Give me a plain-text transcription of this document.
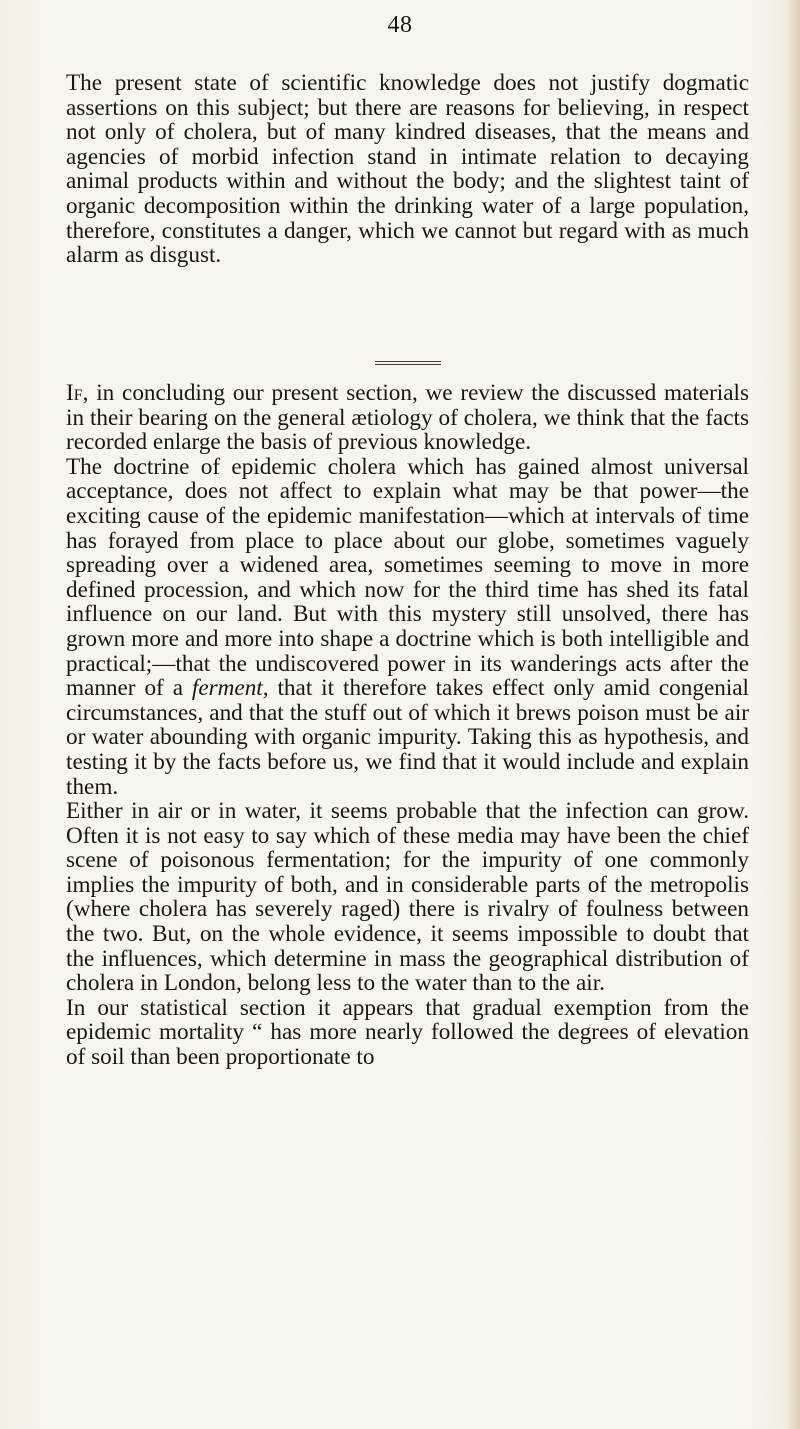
48

The present state of scientific knowledge does not justify dogmatic assertions on this subject; but there are reasons for believing, in respect not only of cholera, but of many kindred diseases, that the means and agencies of morbid infection stand in intimate relation to decaying animal products within and without the body; and the slightest taint of organic decomposition within the drinking water of a large population, therefore, constitutes a danger, which we cannot but regard with as much alarm as disgust.

If, in concluding our present section, we review the discussed materials in their bearing on the general ætiology of cholera, we think that the facts recorded enlarge the basis of previous knowledge.

The doctrine of epidemic cholera which has gained almost universal acceptance, does not affect to explain what may be that power—the exciting cause of the epidemic manifestation—which at intervals of time has forayed from place to place about our globe, sometimes vaguely spreading over a widened area, sometimes seeming to move in more defined procession, and which now for the third time has shed its fatal influence on our land. But with this mystery still unsolved, there has grown more and more into shape a doctrine which is both intelligible and practical;—that the undiscovered power in its wanderings acts after the manner of a ferment, that it therefore takes effect only amid congenial circumstances, and that the stuff out of which it brews poison must be air or water abounding with organic impurity. Taking this as hypothesis, and testing it by the facts before us, we find that it would include and explain them.

Either in air or in water, it seems probable that the infection can grow. Often it is not easy to say which of these media may have been the chief scene of poisonous fermentation; for the impurity of one commonly implies the impurity of both, and in considerable parts of the metropolis (where cholera has severely raged) there is rivalry of foulness between the two. But, on the whole evidence, it seems impossible to doubt that the influences, which determine in mass the geographical distribution of cholera in London, belong less to the water than to the air.

In our statistical section it appears that gradual exemption from the epidemic mortality “ has more nearly followed the degrees of elevation of soil than been proportionate to
